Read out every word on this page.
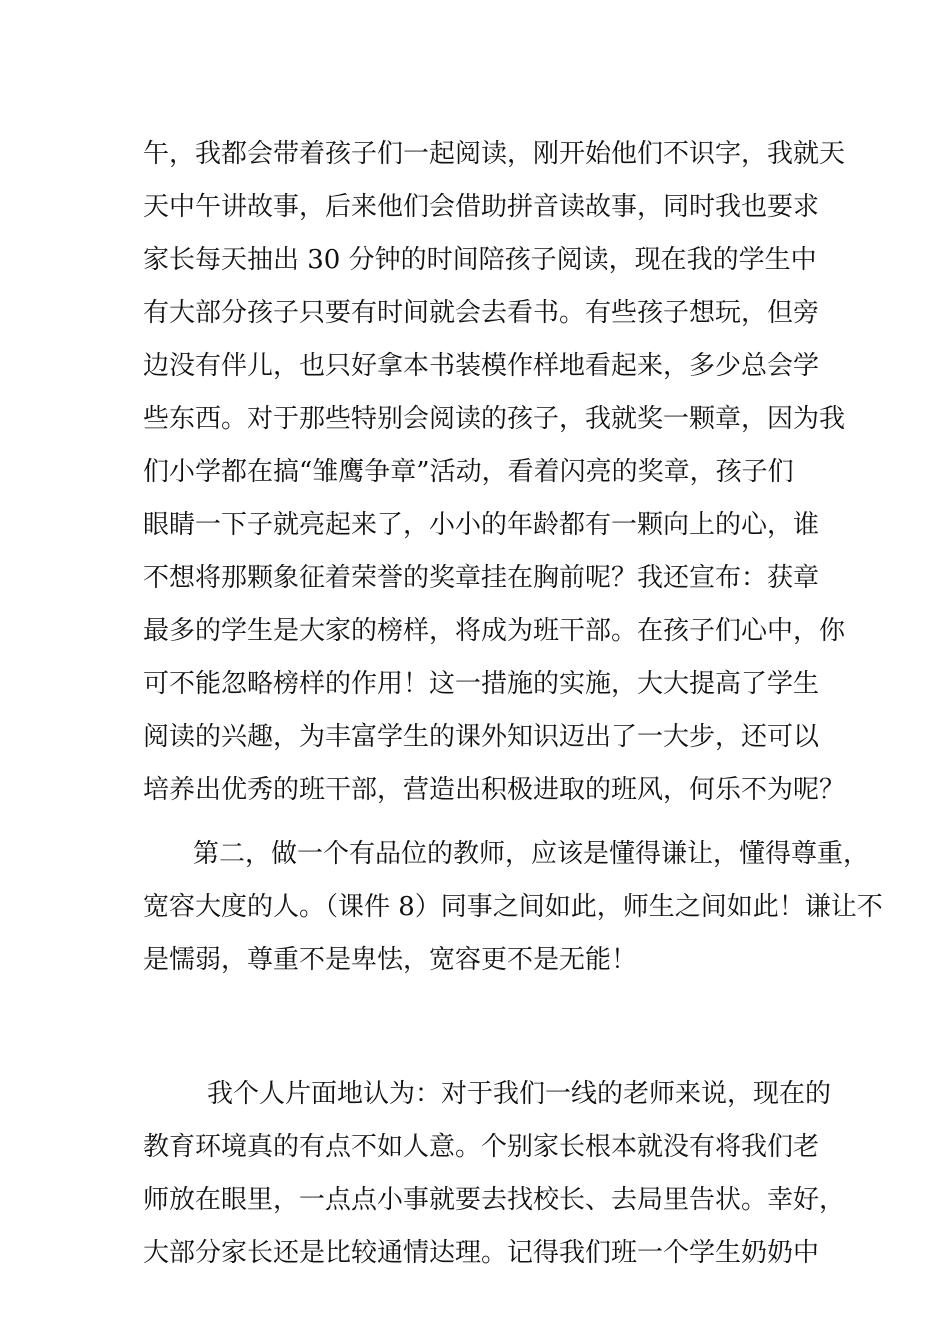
午，我都会带着孩子们一起阅读，刚开始他们不识字，我就天
天中午讲故事，后来他们会借助拼音读故事，同时我也要求
家长每天抽出 30 分钟的时间陪孩子阅读，现在我的学生中
有大部分孩子只要有时间就会去看书。有些孩子想玩，但旁
边没有伴儿，也只好拿本书装模作样地看起来，多少总会学
些东西。对于那些特别会阅读的孩子，我就奖一颗章，因为我
们小学都在搞“雏鹰争章”活动，看着闪亮的奖章，孩子们
眼睛一下子就亮起来了，小小的年龄都有一颗向上的心，谁
不想将那颗象征着荣誉的奖章挂在胸前呢？我还宣布：获章
最多的学生是大家的榜样，将成为班干部。在孩子们心中，你
可不能忽略榜样的作用！这一措施的实施，大大提高了学生
阅读的兴趣，为丰富学生的课外知识迈出了一大步，还可以
培养出优秀的班干部，营造出积极进取的班风，何乐不为呢？
第二，做一个有品位的教师，应该是懂得谦让，懂得尊重，
宽容大度的人。（课件 8）同事之间如此，师生之间如此！谦让不
是懦弱，尊重不是卑怯，宽容更不是无能！
我个人片面地认为：对于我们一线的老师来说，现在的
教育环境真的有点不如人意。个别家长根本就没有将我们老
师放在眼里，一点点小事就要去找校长、去局里告状。幸好，
大部分家长还是比较通情达理。记得我们班一个学生奶奶中
